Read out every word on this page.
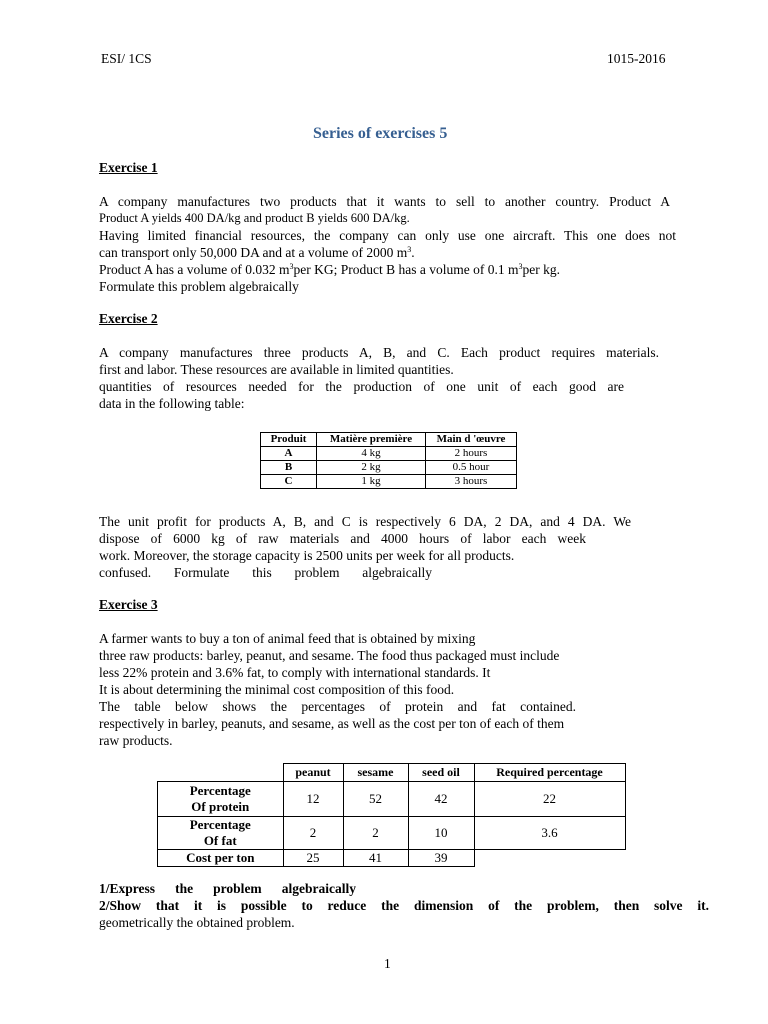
ESI/ 1CS	1015-2016
Series of exercises 5
Exercise 1
A company manufactures two products that it wants to sell to another country. Product A
Product A yields 400 DA/kg and product B yields 600 DA/kg.
Having limited financial resources, the company can only use one aircraft. This one does not
can transport only 50,000 DA and at a volume of 2000 $m^3$.
Product A has a volume of 0.032 $m^3per$ KG; Product B has a volume of 0.1 $m^3per$ kg.
Formulate this problem algebraically
Exercise 2
A company manufactures three products A, B, and C. Each product requires materials.
first and labor. These resources are available in limited quantities.
quantities of resources needed for the production of one unit of each good are
data in the following table:
Produit	Matière première	Main d 'œuvre
A	4 kg	2 hours
B	2 kg	0.5 hour
C	1 kg	3 hours
The unit profit for products A, B, and C is respectively 6 DA, 2 DA, and 4 DA. We
dispose of 6000 kg of raw materials and 4000 hours of labor each week
work. Moreover, the storage capacity is 2500 units per week for all products.
confused. Formulate this problem algebraically
Exercise 3
A farmer wants to buy a ton of animal feed that is obtained by mixing
three raw products: barley, peanut, and sesame. The food thus packaged must include
less 22% protein and 3.6% fat, to comply with international standards. It
It is about determining the minimal cost composition of this food.
The table below shows the percentages of protein and fat contained.
respectively in barley, peanuts, and sesame, as well as the cost per ton of each of them
raw products.
	peanut	sesame	seed oil	Required percentage

Percentage
Of protein	12	52	42	22

Percentage
Of fat	2	2	10	3.6
Cost per ton	25	41	39	
1/Express the problem algebraically
2/Show that it is possible to reduce the dimension of the problem, then solve it.
geometrically the obtained problem.
1
